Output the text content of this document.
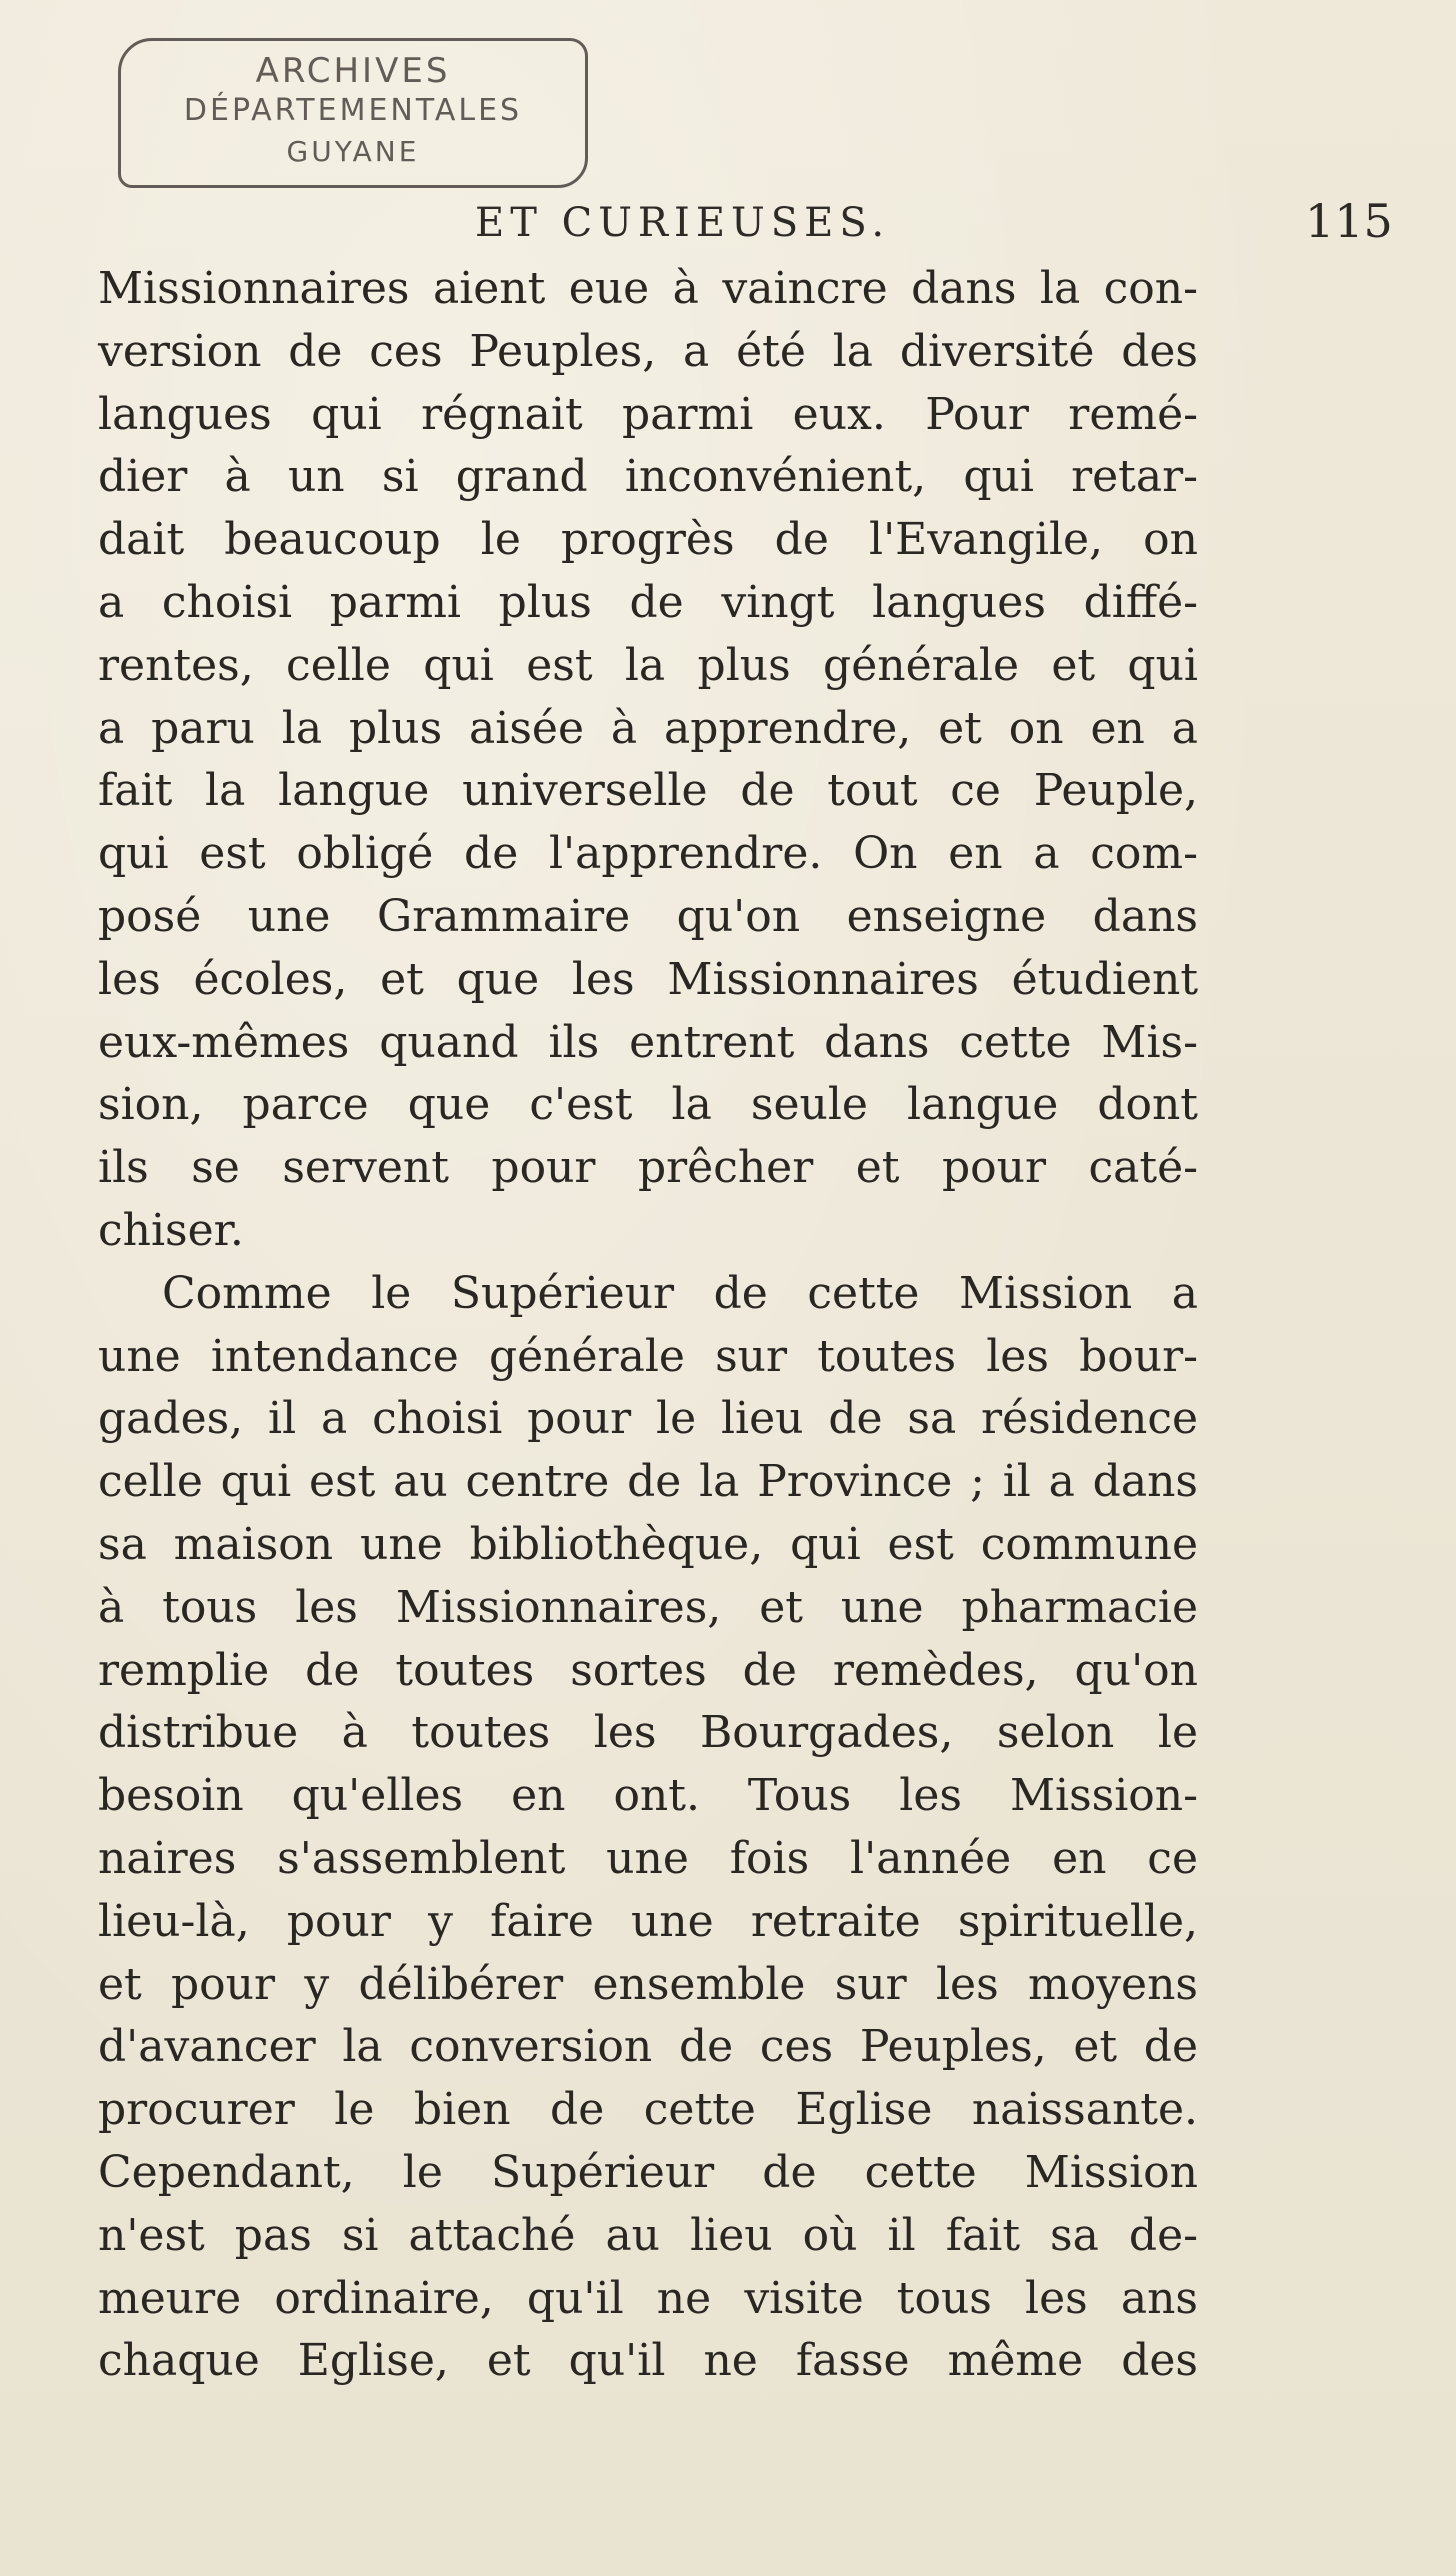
ARCHIVES
DÉPARTEMENTALES
GUYANE
ET CURIEUSES.	115
Missionnaires aient eue à vaincre dans la con-
version de ces Peuples, a été la diversité des
langues qui régnait parmi eux. Pour remé-
dier à un si grand inconvénient, qui retar-
dait beaucoup le progrès de l'Evangile, on
a choisi parmi plus de vingt langues diffé-
rentes, celle qui est la plus générale et qui
a paru la plus aisée à apprendre, et on en a
fait la langue universelle de tout ce Peuple,
qui est obligé de l'apprendre. On en a com-
posé une Grammaire qu'on enseigne dans
les écoles, et que les Missionnaires étudient
eux-mêmes quand ils entrent dans cette Mis-
sion, parce que c'est la seule langue dont
ils se servent pour prêcher et pour caté-
chiser.
Comme le Supérieur de cette Mission a
une intendance générale sur toutes les bour-
gades, il a choisi pour le lieu de sa résidence
celle qui est au centre de la Province ; il a dans
sa maison une bibliothèque, qui est commune
à tous les Missionnaires, et une pharmacie
remplie de toutes sortes de remèdes, qu'on
distribue à toutes les Bourgades, selon le
besoin qu'elles en ont. Tous les Mission-
naires s'assemblent une fois l'année en ce
lieu-là, pour y faire une retraite spirituelle,
et pour y délibérer ensemble sur les moyens
d'avancer la conversion de ces Peuples, et de
procurer le bien de cette Eglise naissante.
Cependant, le Supérieur de cette Mission
n'est pas si attaché au lieu où il fait sa de-
meure ordinaire, qu'il ne visite tous les ans
chaque Eglise, et qu'il ne fasse même des
